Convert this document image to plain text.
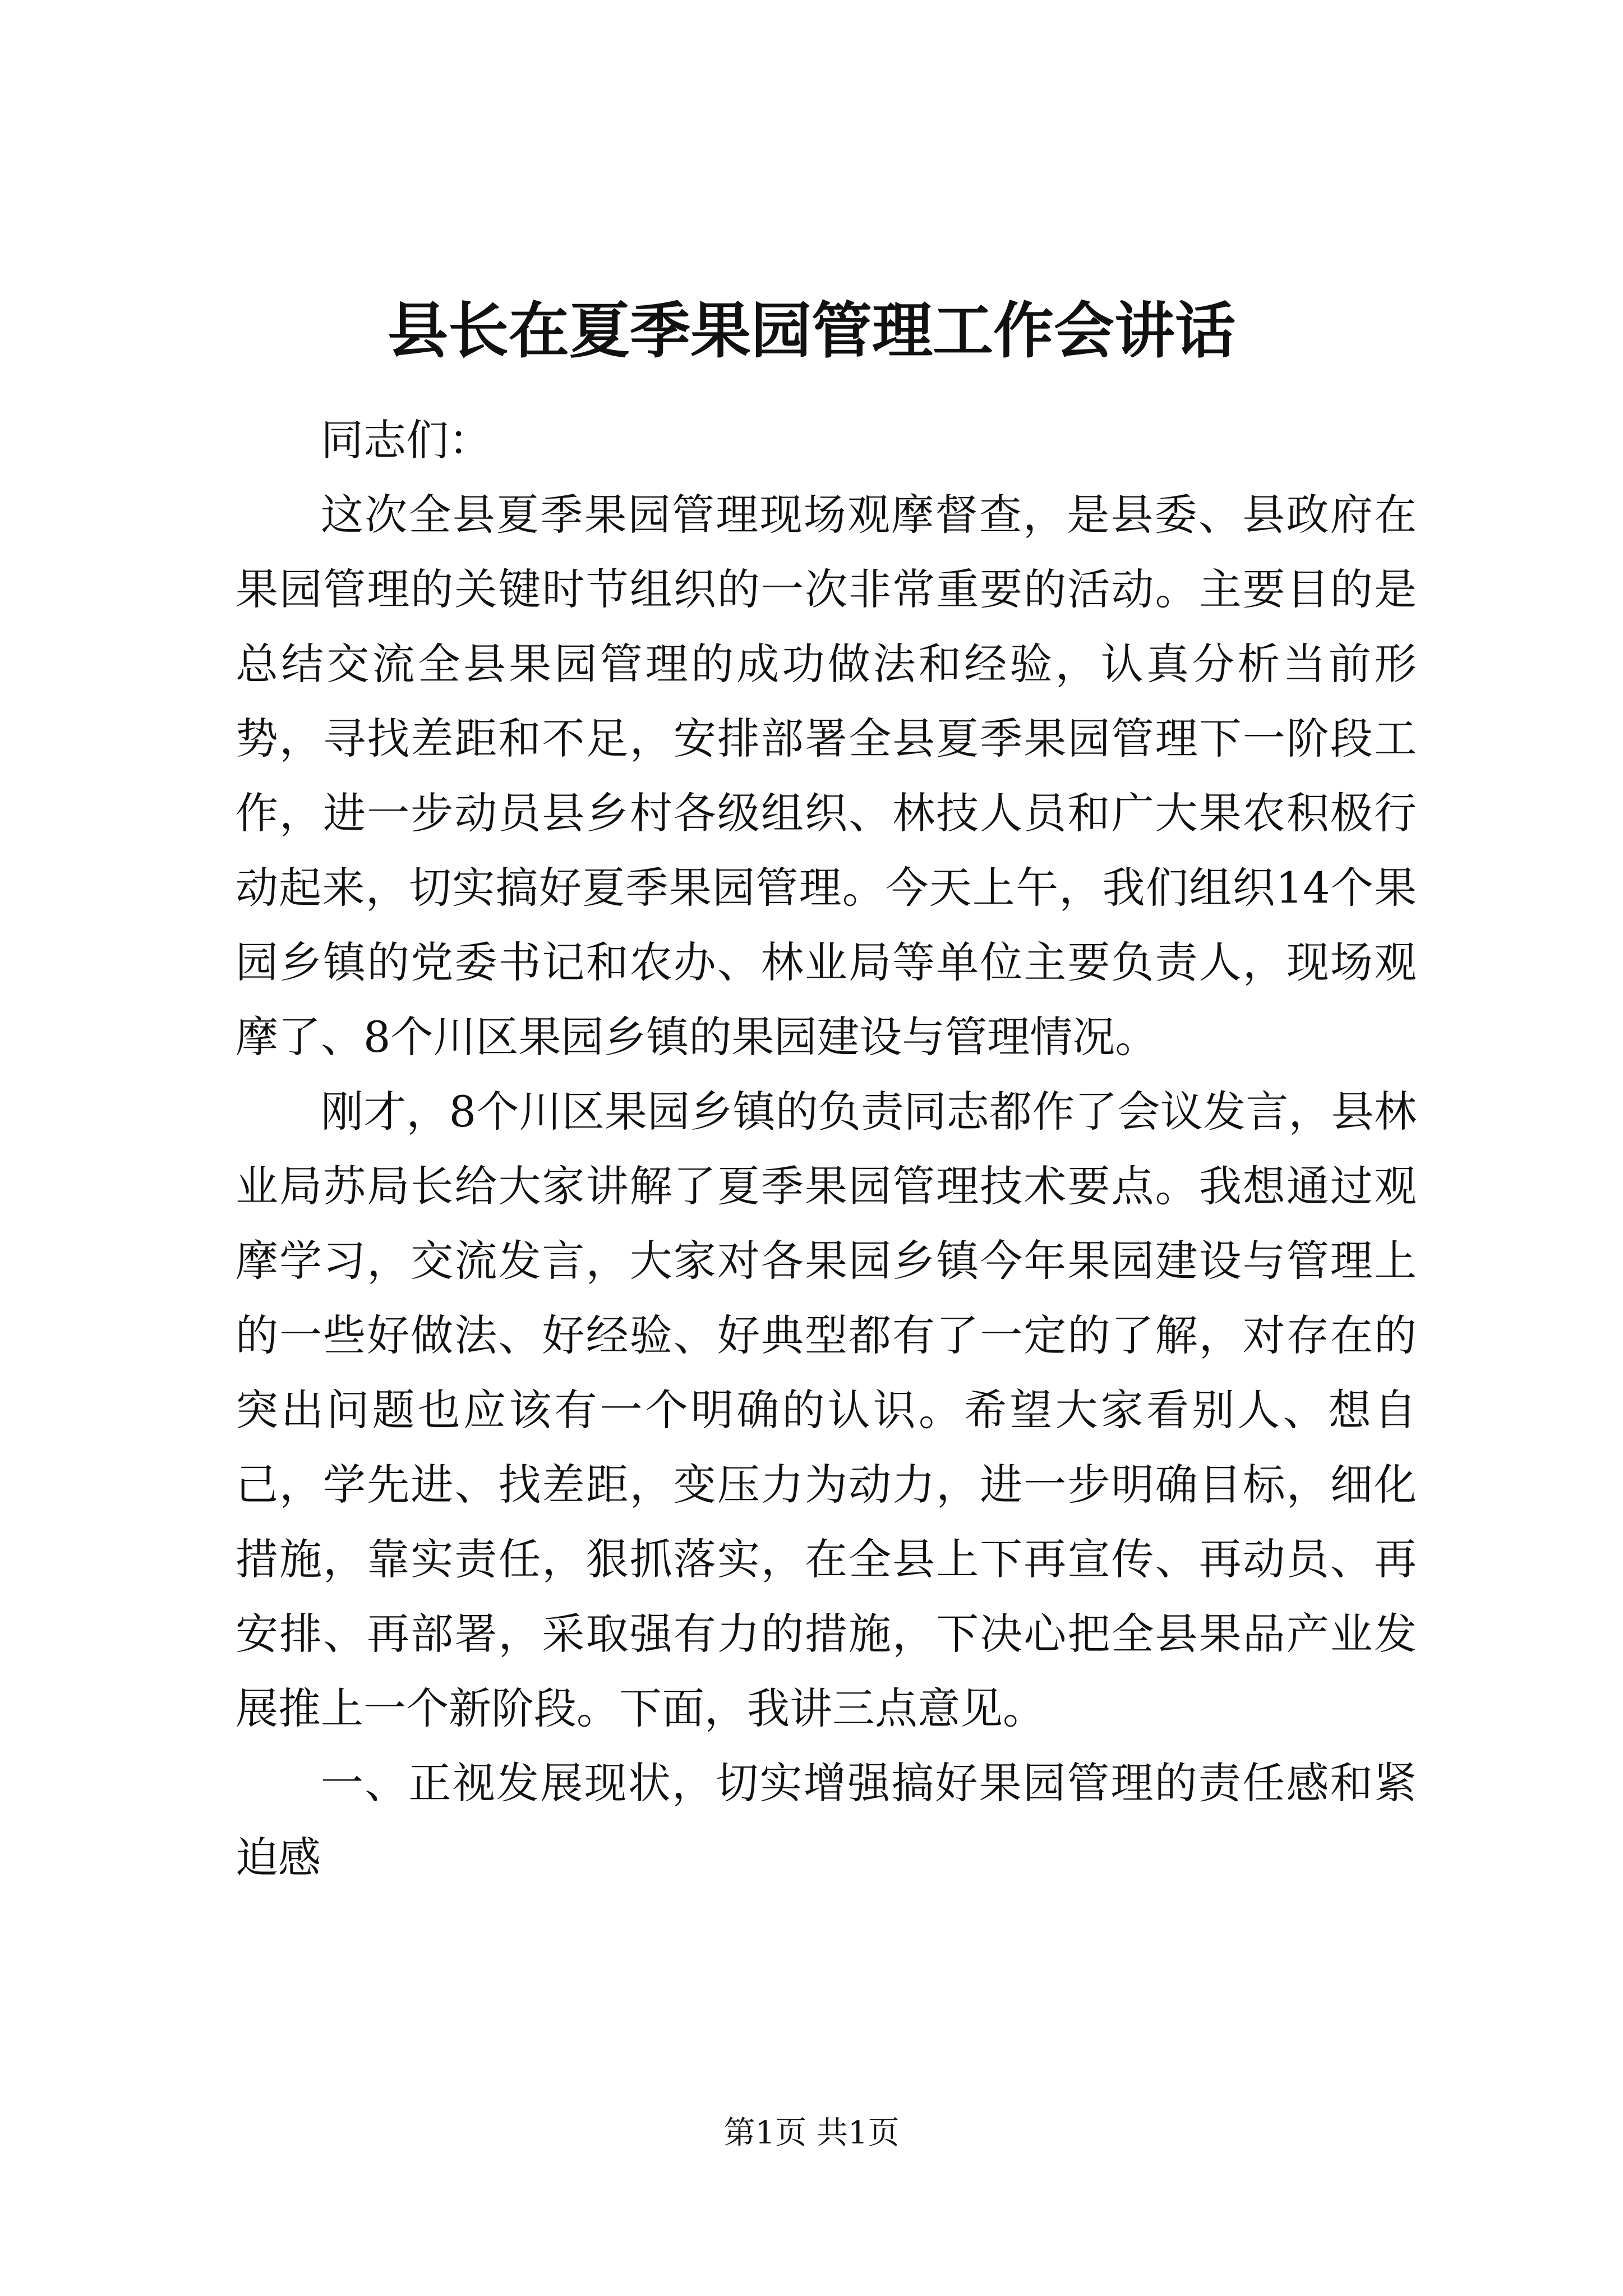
县长在夏季果园管理工作会讲话

同志们：

这次全县夏季果园管理现场观摩督查，是县委、县政府在果园管理的关键时节组织的一次非常重要的活动。主要目的是总结交流全县果园管理的成功做法和经验，认真分析当前形势，寻找差距和不足，安排部署全县夏季果园管理下一阶段工作，进一步动员县乡村各级组织、林技人员和广大果农积极行动起来，切实搞好夏季果园管理。今天上午，我们组织14个果园乡镇的党委书记和农办、林业局等单位主要负责人，现场观摩了、8个川区果园乡镇的果园建设与管理情况。

刚才，8个川区果园乡镇的负责同志都作了会议发言，县林业局苏局长给大家讲解了夏季果园管理技术要点。我想通过观摩学习，交流发言，大家对各果园乡镇今年果园建设与管理上的一些好做法、好经验、好典型都有了一定的了解，对存在的突出问题也应该有一个明确的认识。希望大家看别人、想自己，学先进、找差距，变压力为动力，进一步明确目标，细化措施，靠实责任，狠抓落实，在全县上下再宣传、再动员、再安排、再部署，采取强有力的措施，下决心把全县果品产业发展推上一个新阶段。下面，我讲三点意见。

一、正视发展现状，切实增强搞好果园管理的责任感和紧迫感

第1页 共1页
